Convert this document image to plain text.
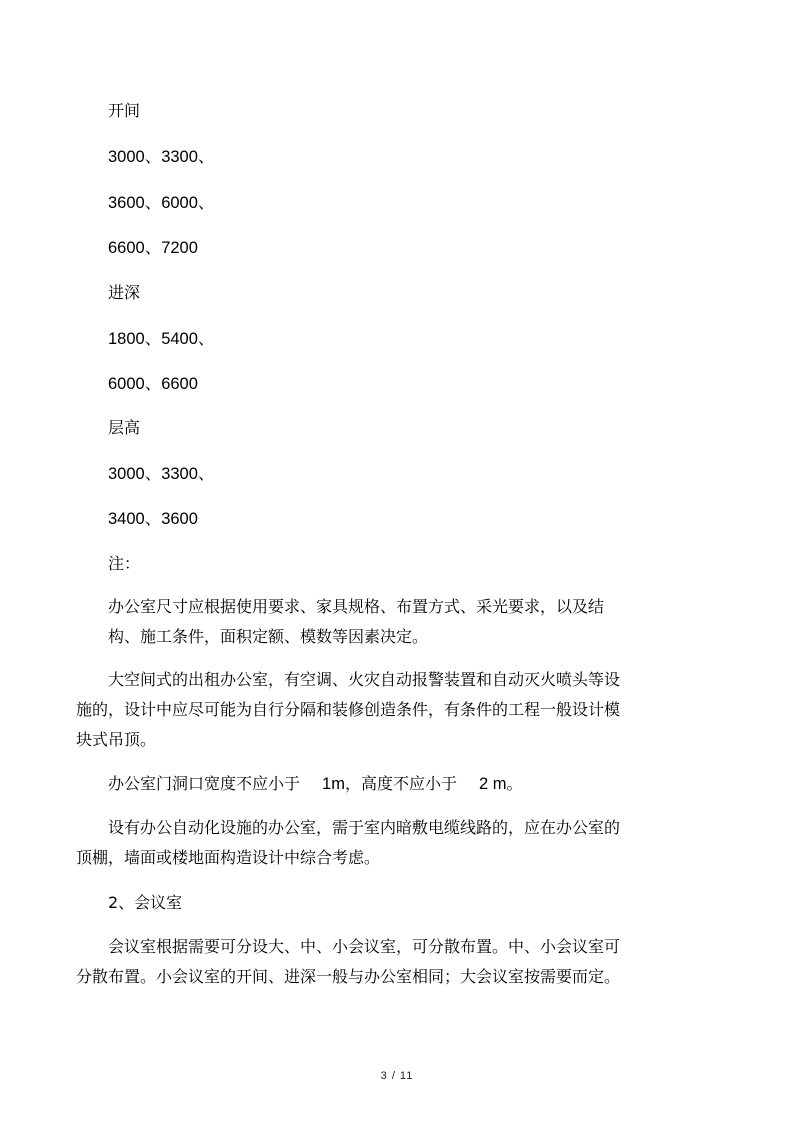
开间
3000、3300、
3600、6000、
6600、7200
进深
1800、5400、
6000、6600
层高
3000、3300、
3400、3600
注：
办公室尺寸应根据使用要求、家具规格、布置方式、采光要求，以及结
构、施工条件，面积定额、模数等因素决定。
大空间式的出租办公室，有空调、火灾自动报警装置和自动灭火喷头等设
施的，设计中应尽可能为自行分隔和装修创造条件，有条件的工程一般设计模
块式吊顶。
办公室门洞口宽度不应小于 1m，高度不应小于 2 m。
设有办公自动化设施的办公室，需于室内暗敷电缆线路的，应在办公室的
顶棚，墙面或楼地面构造设计中综合考虑。
2、会议室
会议室根据需要可分设大、中、小会议室，可分散布置。中、小会议室可
分散布置。小会议室的开间、进深一般与办公室相同；大会议室按需要而定。
3 / 11
